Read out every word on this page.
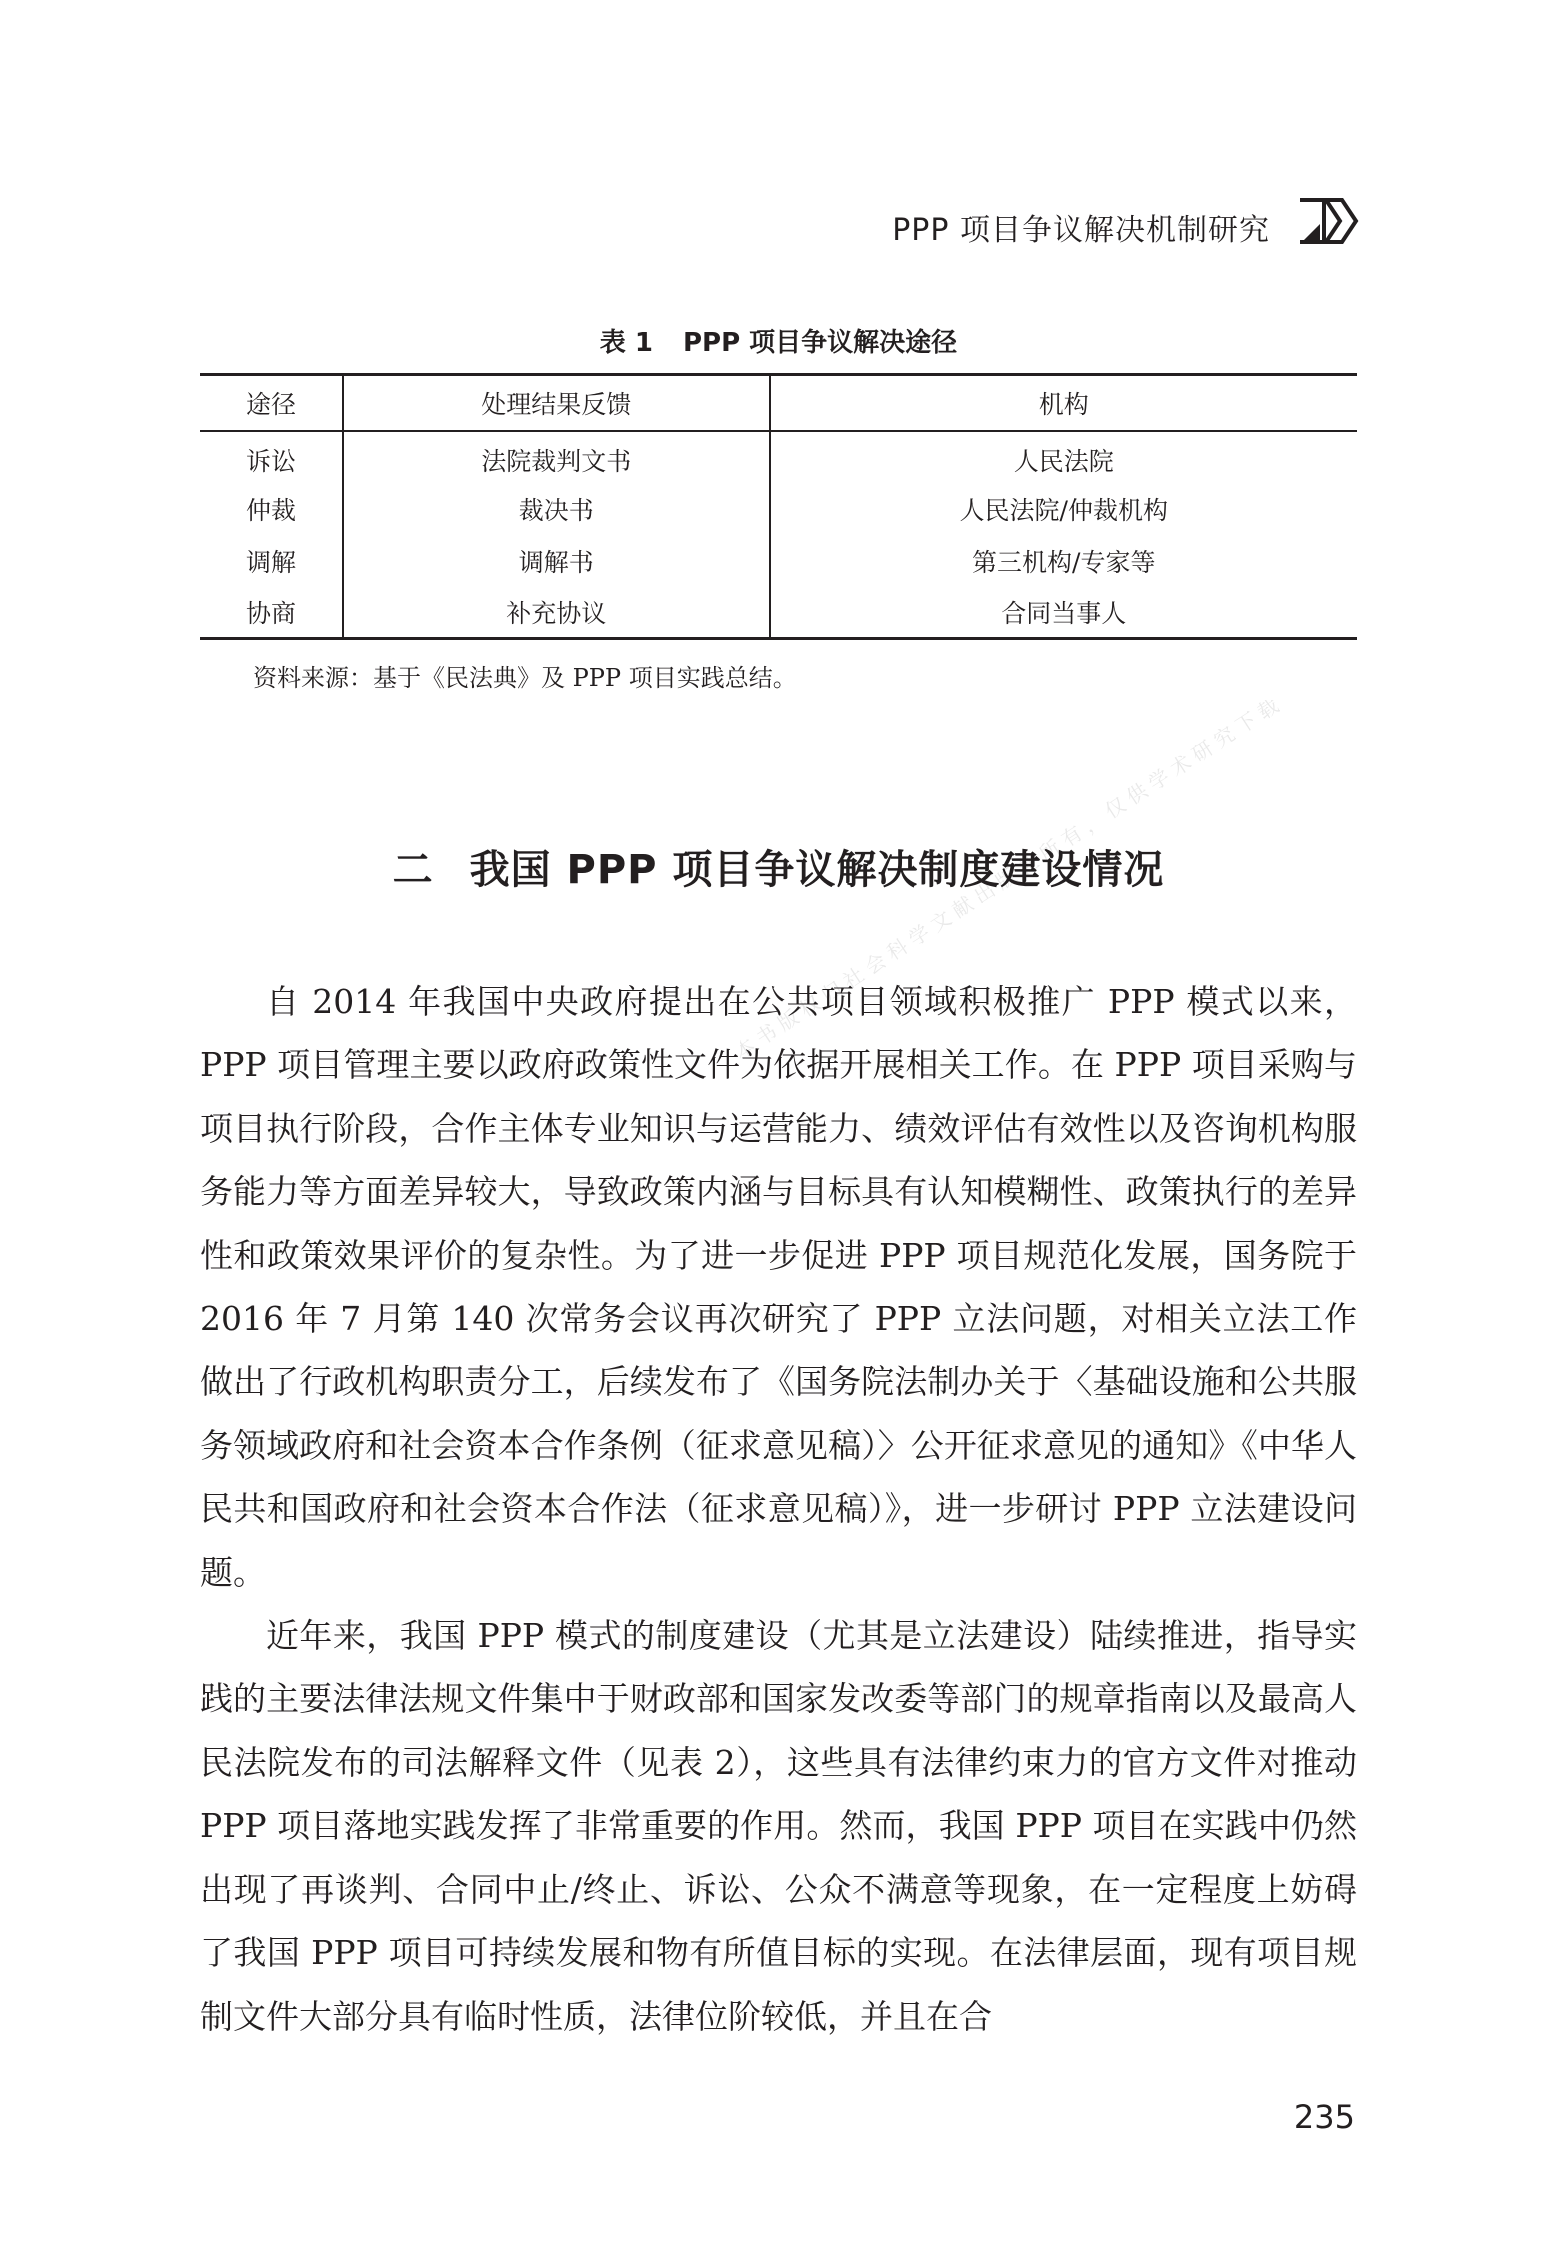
PPP 项目争议解决机制研究
表 1 PPP 项目争议解决途径
途径	处理结果反馈	机构
诉讼	法院裁判文书	人民法院
仲裁	裁决书	人民法院/仲裁机构
调解	调解书	第三机构/专家等
协商	补充协议	合同当事人
资料来源：基于《民法典》及 PPP 项目实践总结。
本书版权归社会科学文献出版社所有，仅供学术研究下载使用
二 我国 PPP 项目争议解决制度建设情况

自 2014 年我国中央政府提出在公共项目领域积极推广 PPP 模式以来，PPP 项目管理主要以政府政策性文件为依据开展相关工作。在 PPP 项目采购与项目执行阶段，合作主体专业知识与运营能力、绩效评估有效性以及咨询机构服务能力等方面差异较大，导致政策内涵与目标具有认知模糊性、政策执行的差异性和政策效果评价的复杂性。为了进一步促进 PPP 项目规范化发展，国务院于 2016 年 7 月第 140 次常务会议再次研究了 PPP 立法问题，对相关立法工作做出了行政机构职责分工，后续发布了《国务院法制办关于〈基础设施和公共服务领域政府和社会资本合作条例（征求意见稿）〉公开征求意见的通知》《中华人民共和国政府和社会资本合作法（征求意见稿）》，进一步研讨 PPP 立法建设问题。

近年来，我国 PPP 模式的制度建设（尤其是立法建设）陆续推进，指导实践的主要法律法规文件集中于财政部和国家发改委等部门的规章指南以及最高人民法院发布的司法解释文件（见表 2），这些具有法律约束力的官方文件对推动 PPP 项目落地实践发挥了非常重要的作用。然而，我国 PPP 项目在实践中仍然出现了再谈判、合同中止/终止、诉讼、公众不满意等现象，在一定程度上妨碍了我国 PPP 项目可持续发展和物有所值目标的实现。在法律层面，现有项目规制文件大部分具有临时性质，法律位阶较低，并且在合

235
